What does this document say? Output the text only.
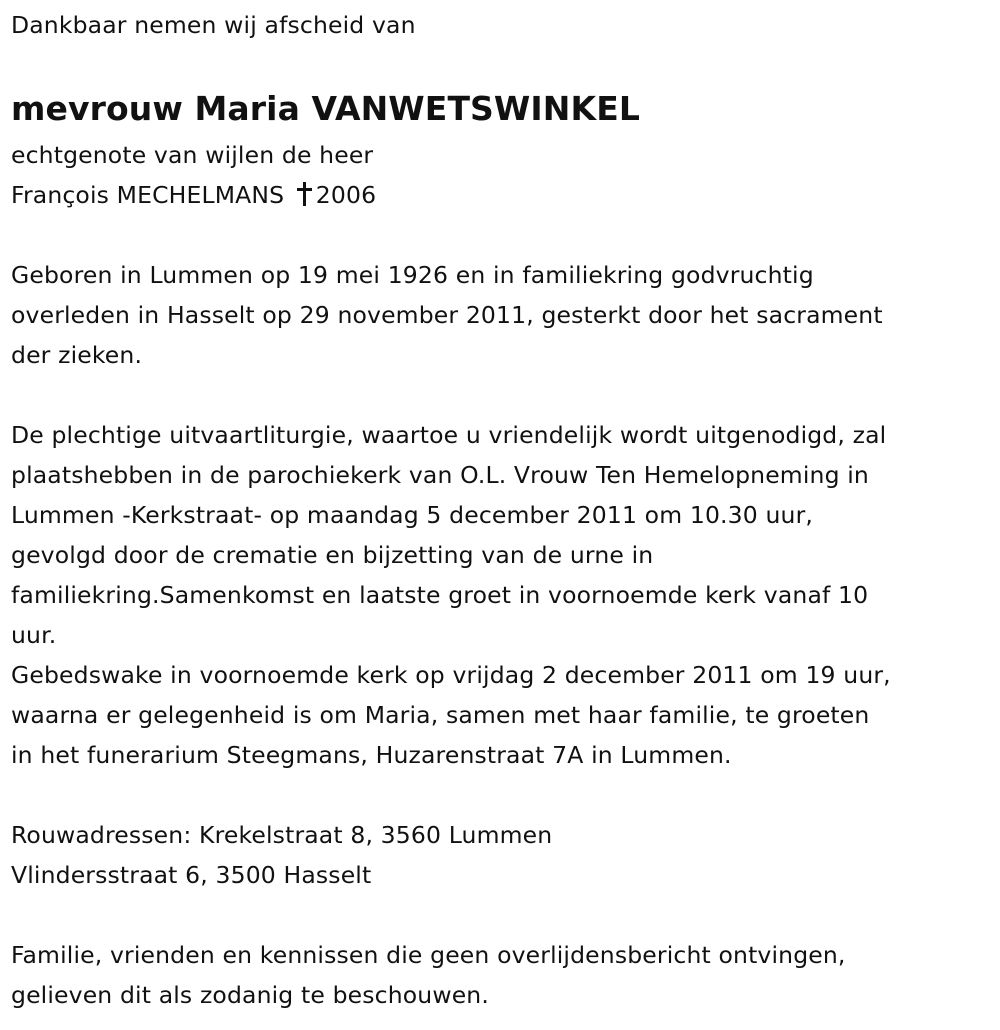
Dankbaar nemen wij afscheid van
mevrouw Maria VANWETSWINKEL
echtgenote van wijlen de heer
François MECHELMANS 2006
Geboren in Lummen op 19 mei 1926 en in familiekring godvruchtig
overleden in Hasselt op 29 november 2011, gesterkt door het sacrament
der zieken.
De plechtige uitvaartliturgie, waartoe u vriendelijk wordt uitgenodigd, zal
plaatshebben in de parochiekerk van O.L. Vrouw Ten Hemelopneming in
Lummen -Kerkstraat- op maandag 5 december 2011 om 10.30 uur,
gevolgd door de crematie en bijzetting van de urne in
familiekring.Samenkomst en laatste groet in voornoemde kerk vanaf 10
uur.
Gebedswake in voornoemde kerk op vrijdag 2 december 2011 om 19 uur,
waarna er gelegenheid is om Maria, samen met haar familie, te groeten
in het funerarium Steegmans, Huzarenstraat 7A in Lummen.
Rouwadressen: Krekelstraat 8, 3560 Lummen
Vlindersstraat 6, 3500 Hasselt
Familie, vrienden en kennissen die geen overlijdensbericht ontvingen,
gelieven dit als zodanig te beschouwen.
